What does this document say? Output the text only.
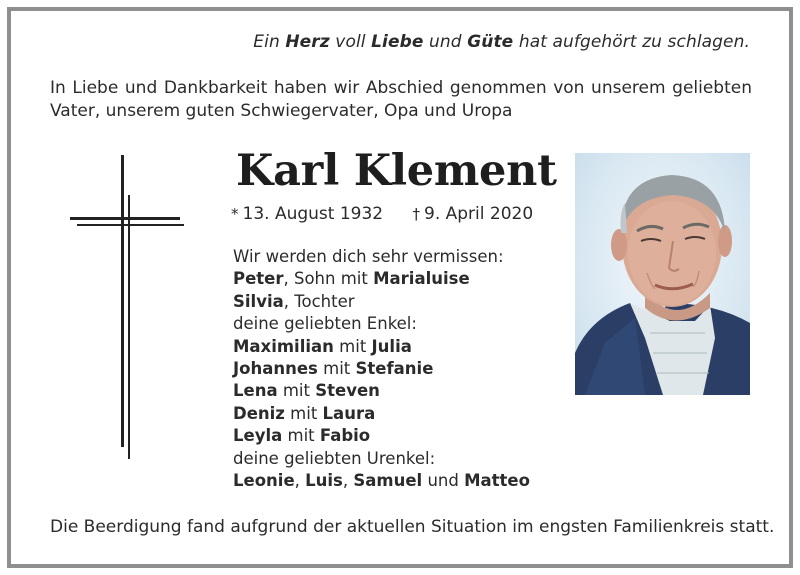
Ein Herz voll Liebe und Güte hat aufgehört zu schlagen.
In Liebe und Dankbarkeit haben wir Abschied genommen von unserem geliebten
Vater, unserem guten Schwiegervater, Opa und Uropa
Karl Klement
* 13. August 1932 † 9. April 2020
Wir werden dich sehr vermissen:
Peter, Sohn mit Marialuise
Silvia, Tochter
deine geliebten Enkel:
Maximilian mit Julia
Johannes mit Stefanie
Lena mit Steven
Deniz mit Laura
Leyla mit Fabio
deine geliebten Urenkel:
Leonie, Luis, Samuel und Matteo
Die Beerdigung fand aufgrund der aktuellen Situation im engsten Familienkreis statt.
